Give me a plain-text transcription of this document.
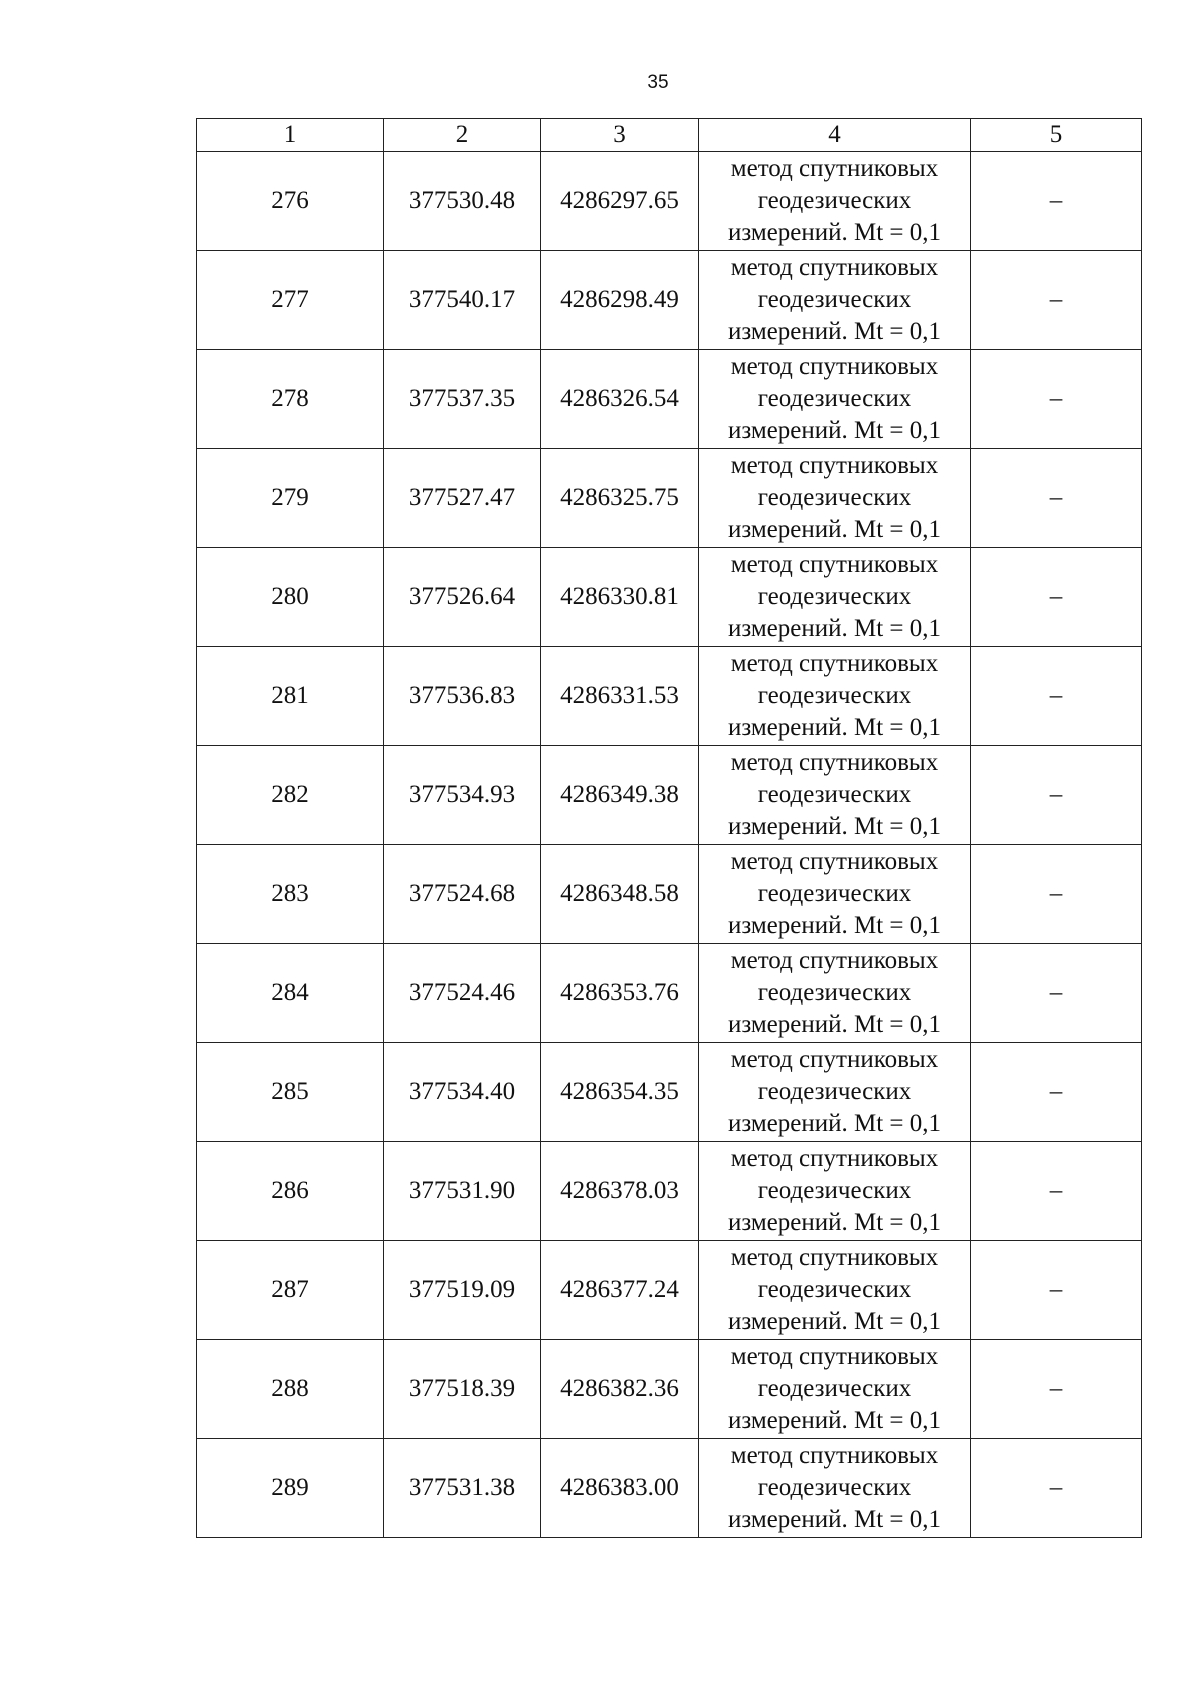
35
1	2	3	4	5
276	377530.48	4286297.65	метод спутниковых геодезических измерений. Mt = 0,1	–
277	377540.17	4286298.49	метод спутниковых геодезических измерений. Mt = 0,1	–
278	377537.35	4286326.54	метод спутниковых геодезических измерений. Mt = 0,1	–
279	377527.47	4286325.75	метод спутниковых геодезических измерений. Mt = 0,1	–
280	377526.64	4286330.81	метод спутниковых геодезических измерений. Mt = 0,1	–
281	377536.83	4286331.53	метод спутниковых геодезических измерений. Mt = 0,1	–
282	377534.93	4286349.38	метод спутниковых геодезических измерений. Mt = 0,1	–
283	377524.68	4286348.58	метод спутниковых геодезических измерений. Mt = 0,1	–
284	377524.46	4286353.76	метод спутниковых геодезических измерений. Mt = 0,1	–
285	377534.40	4286354.35	метод спутниковых геодезических измерений. Mt = 0,1	–
286	377531.90	4286378.03	метод спутниковых геодезических измерений. Mt = 0,1	–
287	377519.09	4286377.24	метод спутниковых геодезических измерений. Mt = 0,1	–
288	377518.39	4286382.36	метод спутниковых геодезических измерений. Mt = 0,1	–
289	377531.38	4286383.00	метод спутниковых геодезических измерений. Mt = 0,1	–
